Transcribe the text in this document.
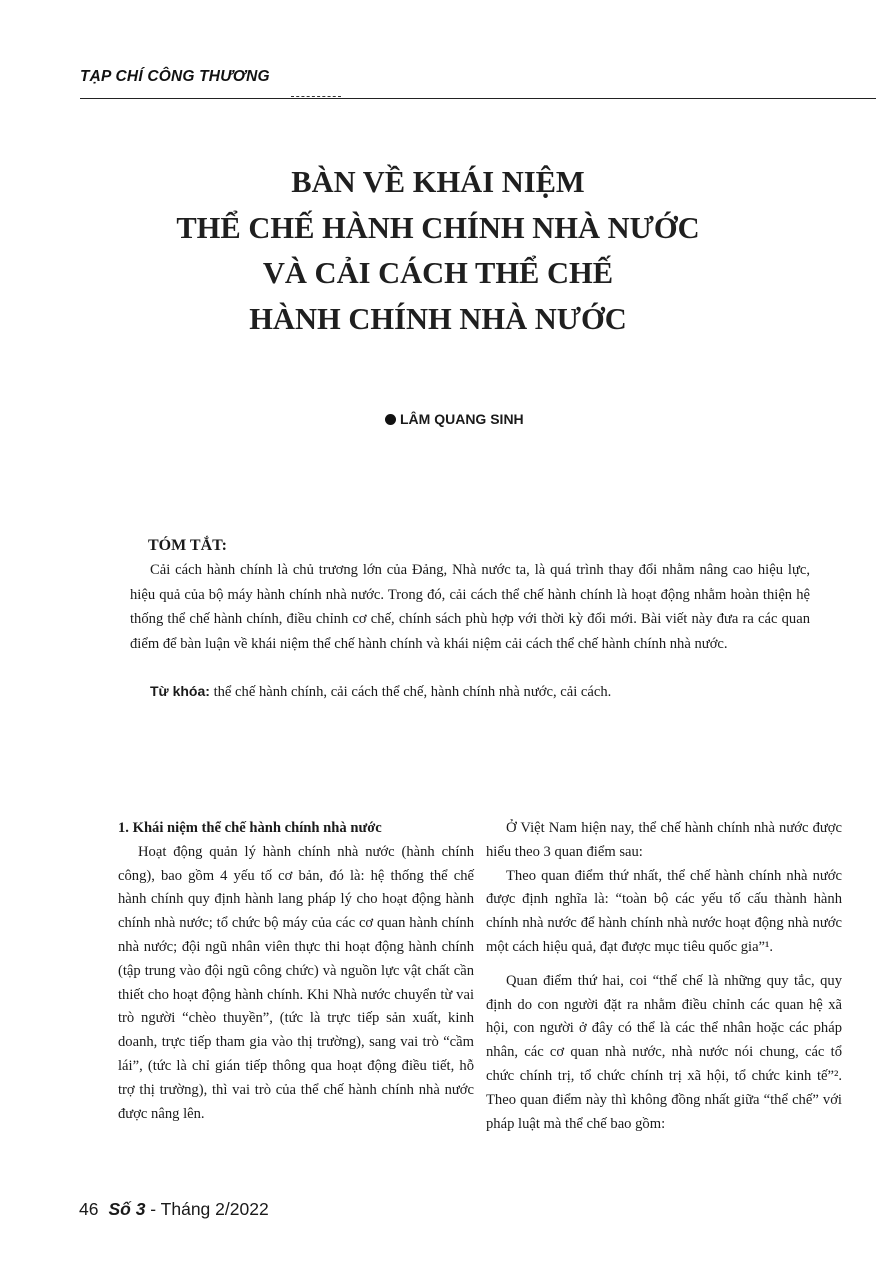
TẠP CHÍ CÔNG THƯƠNG
BÀN VỀ KHÁI NIỆM
THỂ CHẾ HÀNH CHÍNH NHÀ NƯỚC
VÀ CẢI CÁCH THỂ CHẾ
HÀNH CHÍNH NHÀ NƯỚC
LÂM QUANG SINH
TÓM TẮT:
Cải cách hành chính là chủ trương lớn của Đảng, Nhà nước ta, là quá trình thay đổi nhằm nâng cao hiệu lực, hiệu quả của bộ máy hành chính nhà nước. Trong đó, cải cách thể chế hành chính là hoạt động nhằm hoàn thiện hệ thống thể chế hành chính, điều chỉnh cơ chế, chính sách phù hợp với thời kỳ đổi mới. Bài viết này đưa ra các quan điểm để bàn luận về khái niệm thể chế hành chính và khái niệm cải cách thể chế hành chính nhà nước.
Từ khóa: thể chế hành chính, cải cách thể chế, hành chính nhà nước, cải cách.

1. Khái niệm thể chế hành chính nhà nước

Hoạt động quản lý hành chính nhà nước (hành chính công), bao gồm 4 yếu tố cơ bản, đó là: hệ thống thể chế hành chính quy định hành lang pháp lý cho hoạt động hành chính nhà nước; tổ chức bộ máy của các cơ quan hành chính nhà nước; đội ngũ nhân viên thực thi hoạt động hành chính (tập trung vào đội ngũ công chức) và nguồn lực vật chất cần thiết cho hoạt động hành chính. Khi Nhà nước chuyển từ vai trò người “chèo thuyền”, (tức là trực tiếp sản xuất, kinh doanh, trực tiếp tham gia vào thị trường), sang vai trò “cầm lái”, (tức là chỉ gián tiếp thông qua hoạt động điều tiết, hỗ trợ thị trường), thì vai trò của thể chế hành chính nhà nước được nâng lên.

Ở Việt Nam hiện nay, thể chế hành chính nhà nước được hiểu theo 3 quan điểm sau:

Theo quan điểm thứ nhất, thể chế hành chính nhà nước được định nghĩa là: “toàn bộ các yếu tố cấu thành hành chính nhà nước để hành chính nhà nước hoạt động nhà nước một cách hiệu quả, đạt được mục tiêu quốc gia”¹.

Quan điểm thứ hai, coi “thể chế là những quy tắc, quy định do con người đặt ra nhằm điều chỉnh các quan hệ xã hội, con người ở đây có thể là các thể nhân hoặc các pháp nhân, các cơ quan nhà nước, nhà nước nói chung, các tổ chức chính trị, tổ chức chính trị xã hội, tổ chức kinh tế”². Theo quan điểm này thì không đồng nhất giữa “thể chế” với pháp luật mà thể chế bao gồm:

46 Số 3 - Tháng 2/2022
